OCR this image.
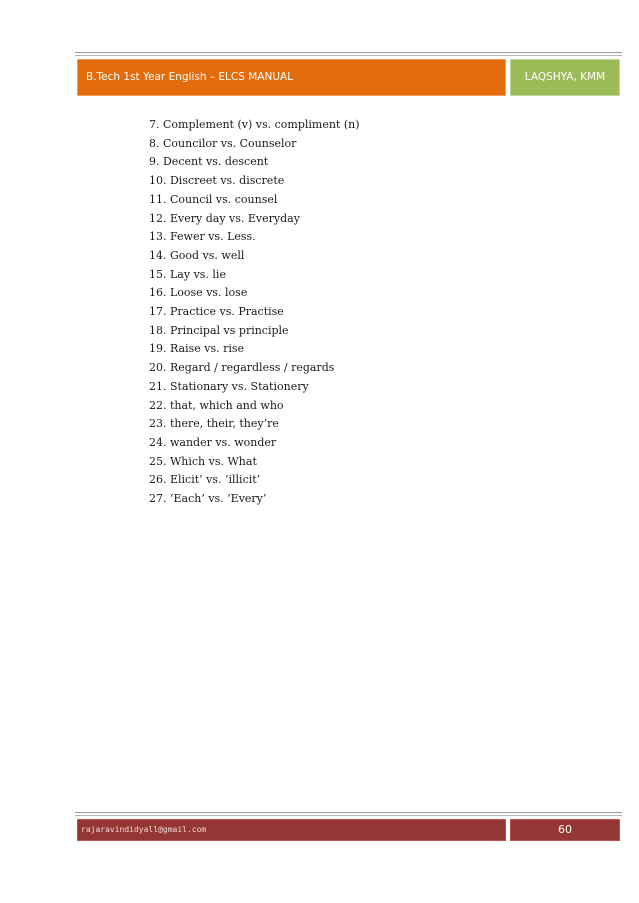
B.Tech 1st Year English – ELCS MANUAL	LAQSHYA, KMM
7. Complement (v) vs. compliment (n)
8. Councilor vs. Counselor
9. Decent vs. descent
10. Discreet vs. discrete
11. Council vs. counsel
12. Every day vs. Everyday
13. Fewer vs. Less.
14. Good vs. well
15. Lay vs. lie
16. Loose vs. lose
17. Practice vs. Practise
18. Principal vs principle
19. Raise vs. rise
20. Regard / regardless / regards
21. Stationary vs. Stationery
22. that, which and who
23. there, their, they’re
24. wander vs. wonder
25. Which vs. What
26. Elicit’ vs. ‘illicit’
27. ‘Each’ vs. ‘Every’
rajaravindidyall@gmail.com	60
